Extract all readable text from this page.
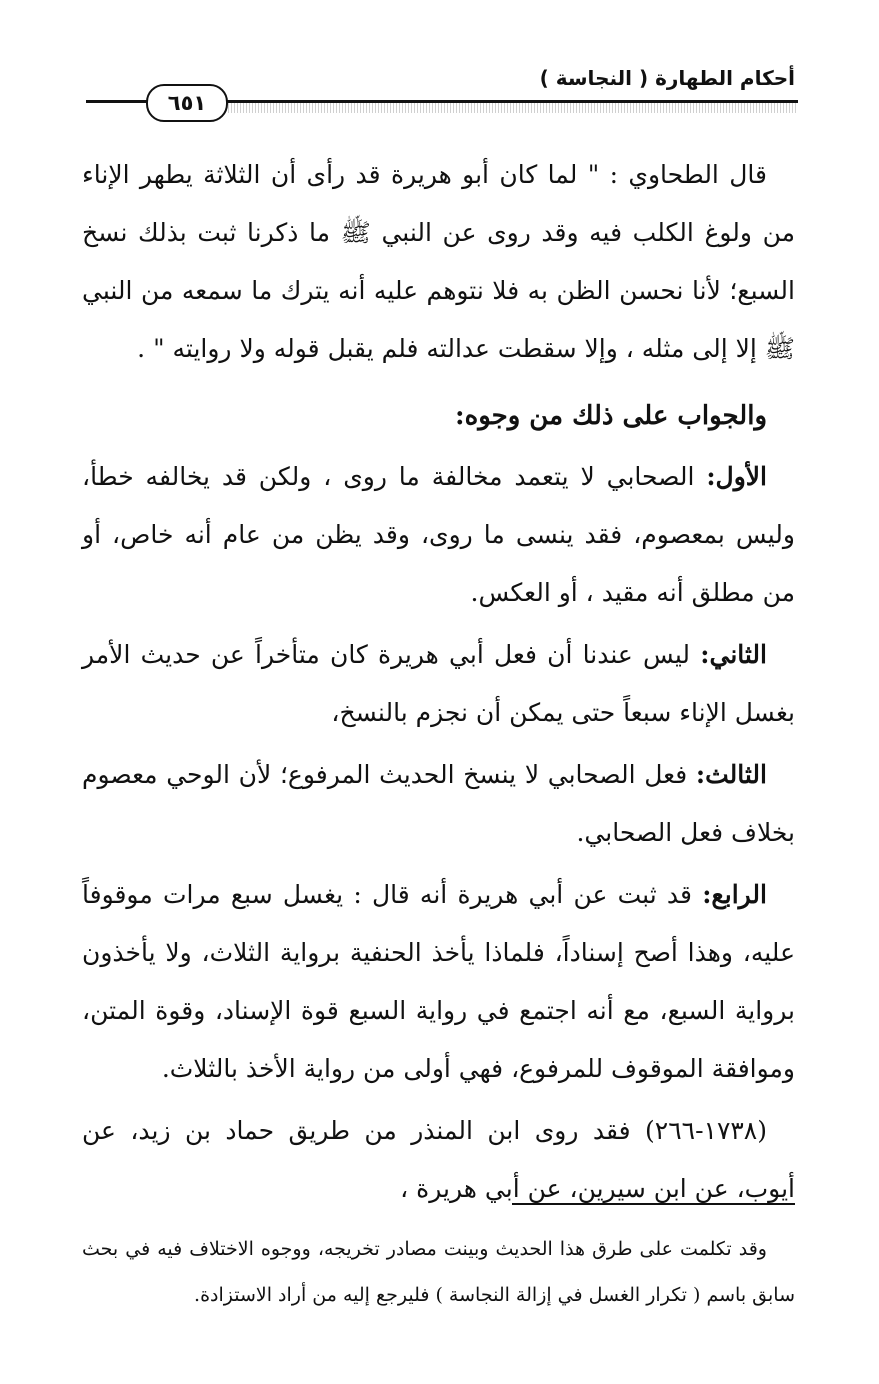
أحكام الطهارة ( النجاسة )
٦٥١

قال الطحاوي : " لما كان أبو هريرة قد رأى أن الثلاثة يطهر الإناء من ولوغ الكلب فيه وقد روى عن النبي ﷺ ما ذكرنا ثبت بذلك نسخ السبع؛ لأنا نحسن الظن به فلا نتوهم عليه أنه يترك ما سمعه من النبي ﷺ إلا إلى مثله ، وإلا سقطت عدالته فلم يقبل قوله ولا روايته " .

والجواب على ذلك من وجوه:

الأول: الصحابي لا يتعمد مخالفة ما روى ، ولكن قد يخالفه خطأ، وليس بمعصوم، فقد ينسى ما روى، وقد يظن من عام أنه خاص، أو من مطلق أنه مقيد ، أو العكس.

الثاني: ليس عندنا أن فعل أبي هريرة كان متأخراً عن حديث الأمر بغسل الإناء سبعاً حتى يمكن أن نجزم بالنسخ،

الثالث: فعل الصحابي لا ينسخ الحديث المرفوع؛ لأن الوحي معصوم بخلاف فعل الصحابي.

الرابع: قد ثبت عن أبي هريرة أنه قال : يغسل سبع مرات موقوفاً عليه، وهذا أصح إسناداً، فلماذا يأخذ الحنفية برواية الثلاث، ولا يأخذون برواية السبع، مع أنه اجتمع في رواية السبع قوة الإسناد، وقوة المتن، وموافقة الموقوف للمرفوع، فهي أولى من رواية الأخذ بالثلاث.

(١٧٣٨-٢٦٦) فقد روى ابن المنذر من طريق حماد بن زيد، عن أيوب، عن ابن سيرين، عن أبي هريرة ،

وقد تكلمت على طرق هذا الحديث وبينت مصادر تخريجه، ووجوه الاختلاف فيه في بحث سابق باسم ( تكرار الغسل في إزالة النجاسة ) فليرجع إليه من أراد الاستزادة.
